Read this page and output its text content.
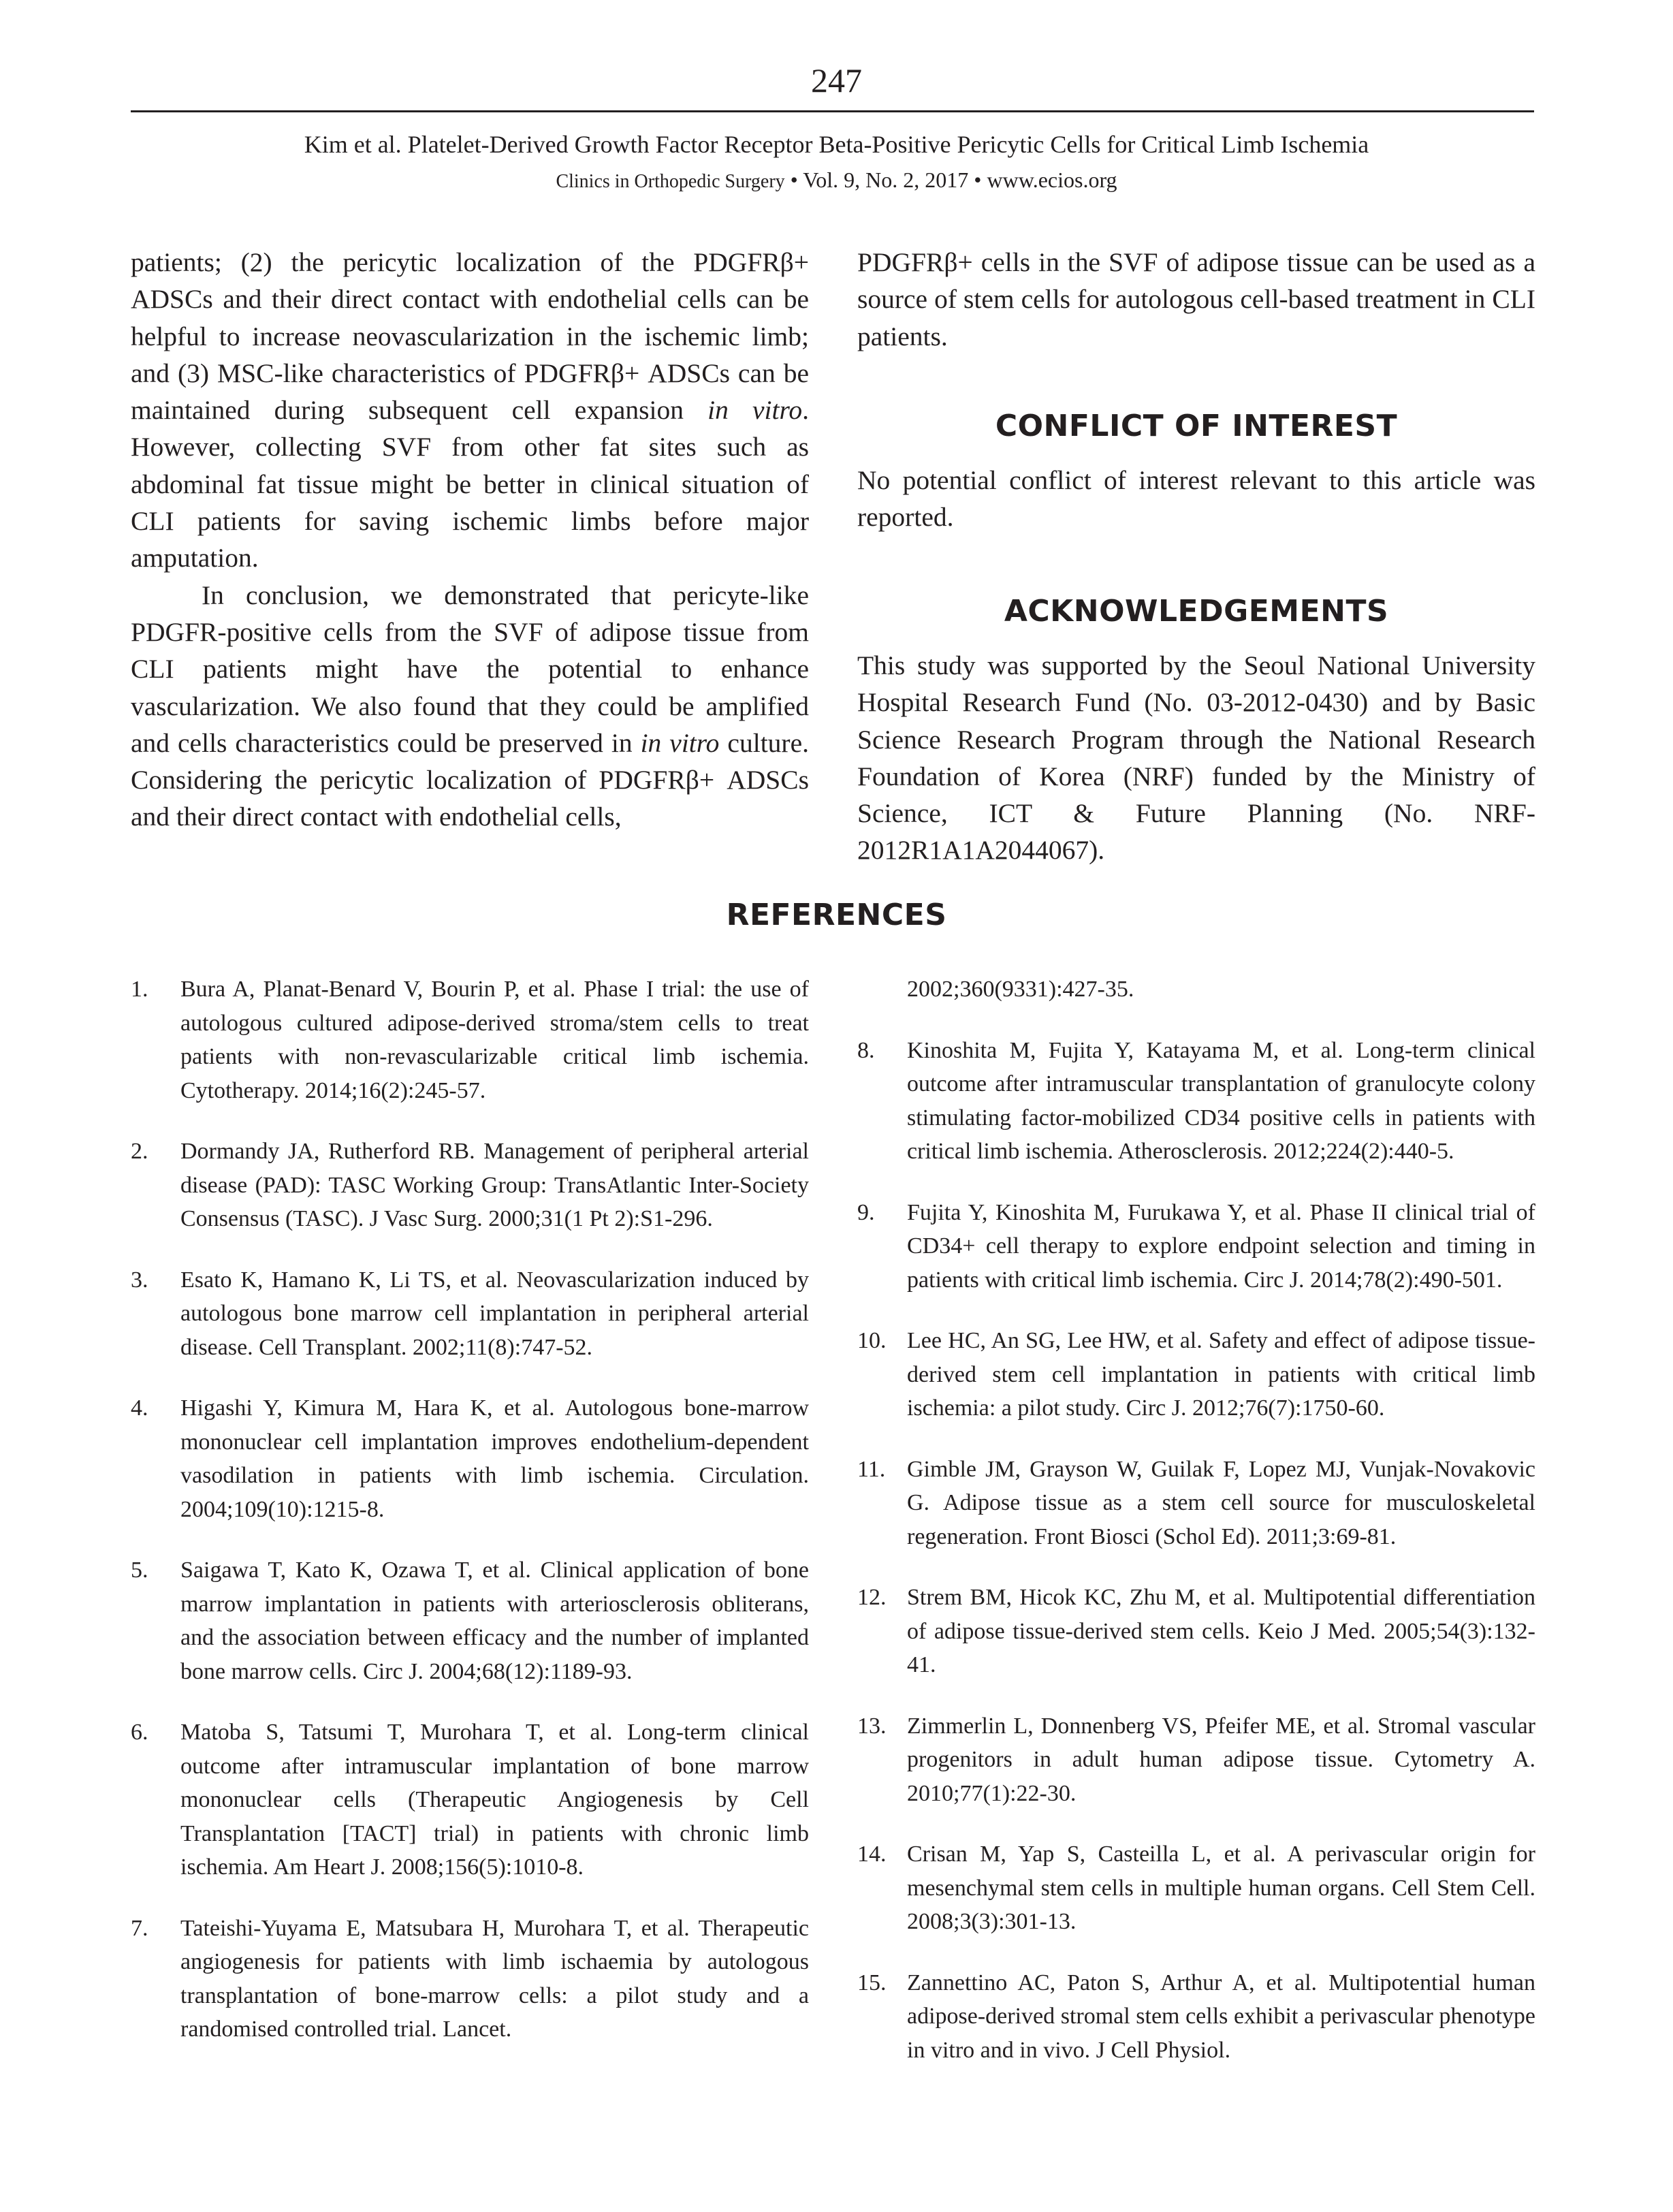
247
Kim et al. Platelet-Derived Growth Factor Receptor Beta-Positive Pericytic Cells for Critical Limb Ischemia
Clinics in Orthopedic Surgery • Vol. 9, No. 2, 2017 • www.ecios.org

patients; (2) the pericytic localization of the PDGFRβ+ ADSCs and their direct contact with endothelial cells can be helpful to increase neovascularization in the ischemic limb; and (3) MSC-like characteristics of PDGFRβ+ ADSCs can be maintained during subsequent cell expansion in vitro. However, collecting SVF from other fat sites such as abdominal fat tissue might be better in clinical situation of CLI patients for saving ischemic limbs before major amputation.

In conclusion, we demonstrated that pericyte-like PDGFR-positive cells from the SVF of adipose tissue from CLI patients might have the potential to enhance vascularization. We also found that they could be amplified and cells characteristics could be preserved in in vitro culture. Considering the pericytic localization of PDGFRβ+ ADSCs and their direct contact with endothelial cells,

PDGFRβ+ cells in the SVF of adipose tissue can be used as a source of stem cells for autologous cell-based treatment in CLI patients.

CONFLICT OF INTEREST
No potential conflict of interest relevant to this article was reported.
ACKNOWLEDGEMENTS
This study was supported by the Seoul National University Hospital Research Fund (No. 03-2012-0430) and by Basic Science Research Program through the National Research Foundation of Korea (NRF) funded by the Ministry of Science, ICT & Future Planning (No. NRF-2012R1A1A2044067).
REFERENCES
1. Bura A, Planat-Benard V, Bourin P, et al. Phase I trial: the use of autologous cultured adipose-derived stroma/stem cells to treat patients with non-revascularizable critical limb ischemia. Cytotherapy. 2014;16(2):245-57.
2. Dormandy JA, Rutherford RB. Management of peripheral arterial disease (PAD): TASC Working Group: TransAtlantic Inter-Society Consensus (TASC). J Vasc Surg. 2000;31(1 Pt 2):S1-296.
3. Esato K, Hamano K, Li TS, et al. Neovascularization induced by autologous bone marrow cell implantation in peripheral arterial disease. Cell Transplant. 2002;11(8):747-52.
4. Higashi Y, Kimura M, Hara K, et al. Autologous bone-marrow mononuclear cell implantation improves endothelium-dependent vasodilation in patients with limb ischemia. Circulation. 2004;109(10):1215-8.
5. Saigawa T, Kato K, Ozawa T, et al. Clinical application of bone marrow implantation in patients with arteriosclerosis obliterans, and the association between efficacy and the number of implanted bone marrow cells. Circ J. 2004;68(12):1189-93.
6. Matoba S, Tatsumi T, Murohara T, et al. Long-term clinical outcome after intramuscular implantation of bone marrow mononuclear cells (Therapeutic Angiogenesis by Cell Transplantation [TACT] trial) in patients with chronic limb ischemia. Am Heart J. 2008;156(5):1010-8.
7. Tateishi-Yuyama E, Matsubara H, Murohara T, et al. Therapeutic angiogenesis for patients with limb ischaemia by autologous transplantation of bone-marrow cells: a pilot study and a randomised controlled trial. Lancet.
2002;360(9331):427-35.
8. Kinoshita M, Fujita Y, Katayama M, et al. Long-term clinical outcome after intramuscular transplantation of granulocyte colony stimulating factor-mobilized CD34 positive cells in patients with critical limb ischemia. Atherosclerosis. 2012;224(2):440-5.
9. Fujita Y, Kinoshita M, Furukawa Y, et al. Phase II clinical trial of CD34+ cell therapy to explore endpoint selection and timing in patients with critical limb ischemia. Circ J. 2014;78(2):490-501.
10. Lee HC, An SG, Lee HW, et al. Safety and effect of adipose tissue-derived stem cell implantation in patients with critical limb ischemia: a pilot study. Circ J. 2012;76(7):1750-60.
11. Gimble JM, Grayson W, Guilak F, Lopez MJ, Vunjak-Novakovic G. Adipose tissue as a stem cell source for musculoskeletal regeneration. Front Biosci (Schol Ed). 2011;3:69-81.
12. Strem BM, Hicok KC, Zhu M, et al. Multipotential differentiation of adipose tissue-derived stem cells. Keio J Med. 2005;54(3):132-41.
13. Zimmerlin L, Donnenberg VS, Pfeifer ME, et al. Stromal vascular progenitors in adult human adipose tissue. Cytometry A. 2010;77(1):22-30.
14. Crisan M, Yap S, Casteilla L, et al. A perivascular origin for mesenchymal stem cells in multiple human organs. Cell Stem Cell. 2008;3(3):301-13.
15. Zannettino AC, Paton S, Arthur A, et al. Multipotential human adipose-derived stromal stem cells exhibit a perivascular phenotype in vitro and in vivo. J Cell Physiol.
